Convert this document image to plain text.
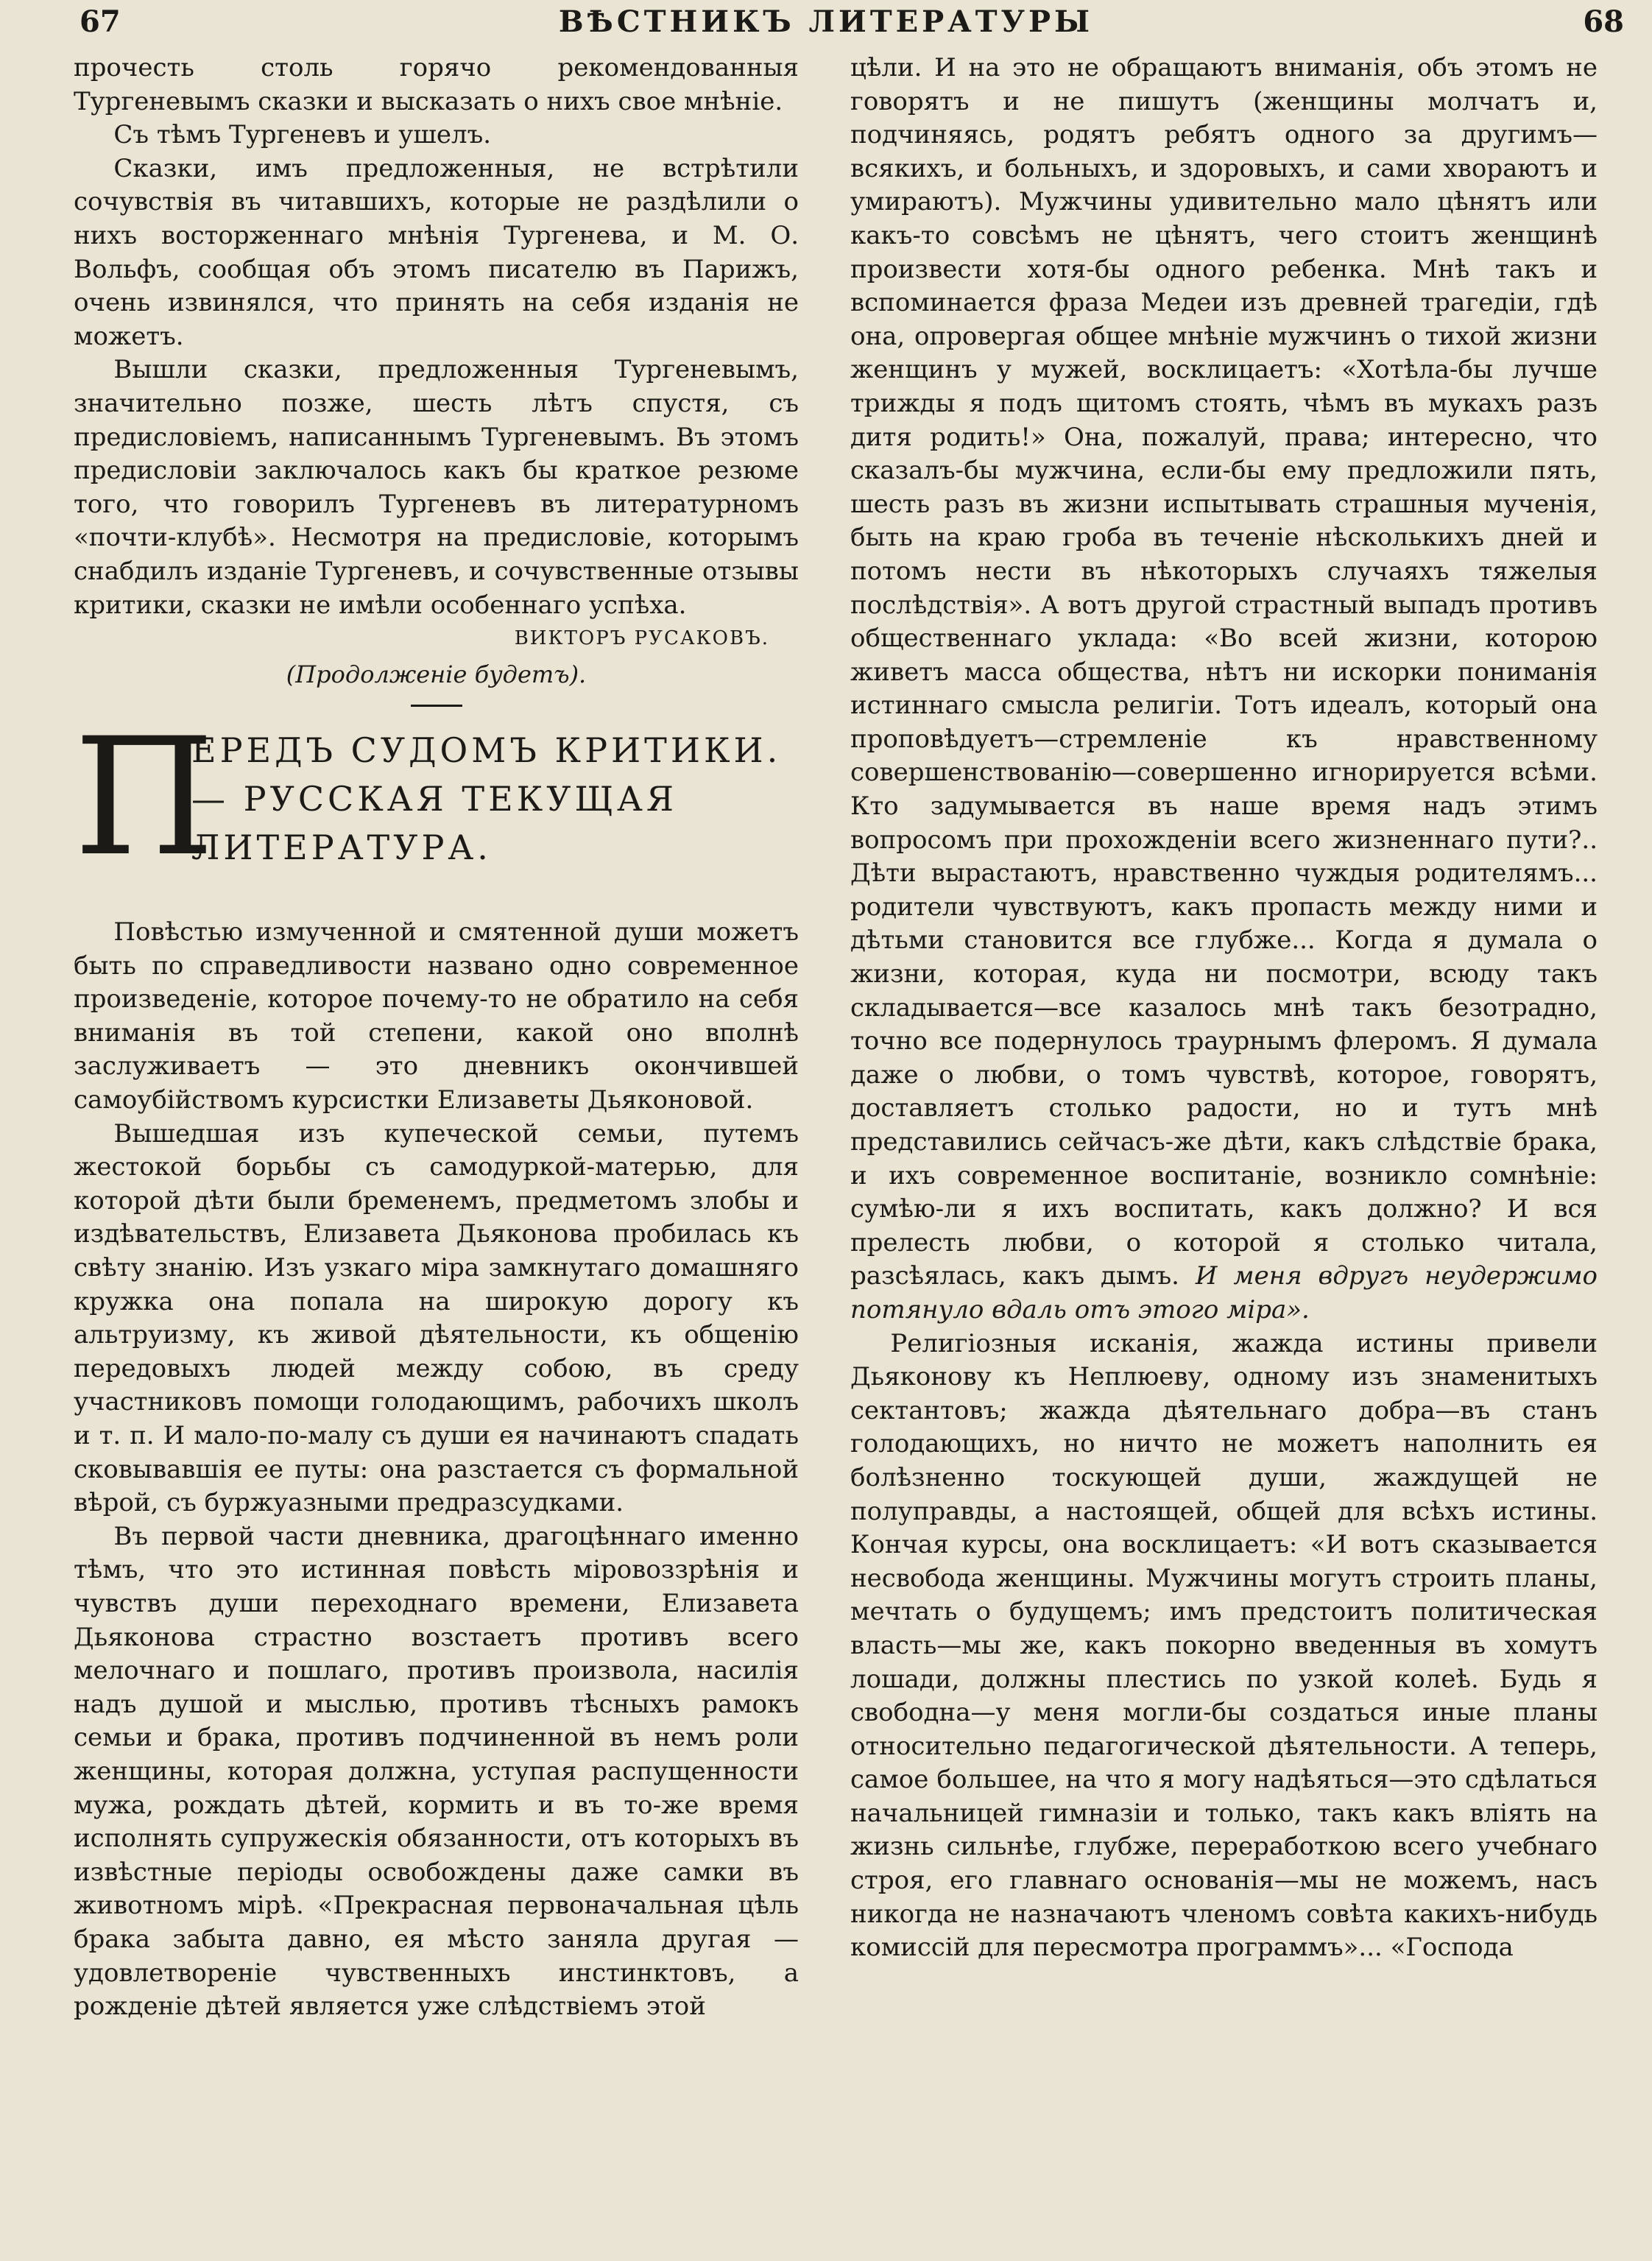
67	ВѢСТНИКЪ ЛИТЕРАТУРЫ	68

прочесть столь горячо рекомендованныя Тургеневымъ сказки и высказать о нихъ свое мнѣніе.

Съ тѣмъ Тургеневъ и ушелъ.

Сказки, имъ предложенныя, не встрѣтили сочувствія въ читавшихъ, которые не раздѣлили о нихъ восторженнаго мнѣнія Тургенева, и М. О. Вольфъ, сообщая объ этомъ писателю въ Парижъ, очень извинялся, что принять на себя изданія не можетъ.

Вышли сказки, предложенныя Тургеневымъ, значительно позже, шесть лѣтъ спустя, съ предисловіемъ, написаннымъ Тургеневымъ. Въ этомъ предисловіи заключалось какъ бы краткое резюме того, что говорилъ Тургеневъ въ литературномъ «почти-клубѣ». Несмотря на предисловіе, которымъ снабдилъ изданіе Тургеневъ, и сочувственные отзывы критики, сказки не имѣли особеннаго успѣха.

ВИКТОРЪ РУСАКОВЪ.
(Продолженіе будетъ).
П
ЕРЕДЪ СУДОМЪ КРИТИКИ. — РУССКАЯ ТЕКУЩАЯ ЛИТЕРАТУРА.

Повѣстью измученной и смятенной души можетъ быть по справедливости названо одно современное произведеніе, которое почему-то не обратило на себя вниманія въ той степени, какой оно вполнѣ заслуживаетъ — это дневникъ окончившей самоубійствомъ курсистки Елизаветы Дьяконовой.

Вышедшая изъ купеческой семьи, путемъ жестокой борьбы съ самодуркой-матерью, для которой дѣти были бременемъ, предметомъ злобы и издѣвательствъ, Елизавета Дьяконова пробилась къ свѣту знанію. Изъ узкаго міра замкнутаго домашняго кружка она попала на широкую дорогу къ альтруизму, къ живой дѣятельности, къ общенію передовыхъ людей между собою, въ среду участниковъ помощи голодающимъ, рабочихъ школъ и т. п. И мало-по-малу съ души ея начинаютъ спадать сковывавшія ее путы: она разстается съ формальной вѣрой, съ буржуазными предразсудками.

Въ первой части дневника, драгоцѣннаго именно тѣмъ, что это истинная повѣсть міровоззрѣнія и чувствъ души переходнаго времени, Елизавета Дьяконова страстно возстаетъ противъ всего мелочнаго и пошлаго, противъ произвола, насилія надъ душой и мыслью, противъ тѣсныхъ рамокъ семьи и брака, противъ подчиненной въ немъ роли женщины, которая должна, уступая распущенности мужа, рождать дѣтей, кормить и въ то-же время исполнять супружескія обязанности, отъ которыхъ въ извѣстные періоды освобождены даже самки въ животномъ мірѣ. «Прекрасная первоначальная цѣль брака забыта давно, ея мѣсто заняла другая — удовлетвореніе чувственныхъ инстинктовъ, а рожденіе дѣтей является уже слѣдствіемъ этой

цѣли. И на это не обращаютъ вниманія, объ этомъ не говорятъ и не пишутъ (женщины молчатъ и, подчиняясь, родятъ ребятъ одного за другимъ—всякихъ, и больныхъ, и здоровыхъ, и сами хвораютъ и умираютъ). Мужчины удивительно мало цѣнятъ или какъ-то совсѣмъ не цѣнятъ, чего стоитъ женщинѣ произвести хотя-бы одного ребенка. Мнѣ такъ и вспоминается фраза Медеи изъ древней трагедіи, гдѣ она, опровергая общее мнѣніе мужчинъ о тихой жизни женщинъ у мужей, восклицаетъ: «Хотѣла-бы лучше трижды я подъ щитомъ стоять, чѣмъ въ мукахъ разъ дитя родить!» Она, пожалуй, права; интересно, что сказалъ-бы мужчина, если-бы ему предложили пять, шесть разъ въ жизни испытывать страшныя мученія, быть на краю гроба въ теченіе нѣсколькихъ дней и потомъ нести въ нѣкоторыхъ случаяхъ тяжелыя послѣдствія». А вотъ другой страстный выпадъ противъ общественнаго уклада: «Во всей жизни, которою живетъ масса общества, нѣтъ ни искорки пониманія истиннаго смысла религіи. Тотъ идеалъ, который она проповѣдуетъ—стремленіе къ нравственному совершенствованію—совершенно игнорируется всѣми. Кто задумывается въ наше время надъ этимъ вопросомъ при прохожденіи всего жизненнаго пути?.. Дѣти вырастаютъ, нравственно чуждыя родителямъ... родители чувствуютъ, какъ пропасть между ними и дѣтьми становится все глубже... Когда я думала о жизни, которая, куда ни посмотри, всюду такъ складывается—все казалось мнѣ такъ безотрадно, точно все подернулось траурнымъ флеромъ. Я думала даже о любви, о томъ чувствѣ, которое, говорятъ, доставляетъ столько радости, но и тутъ мнѣ представились сейчасъ-же дѣти, какъ слѣдствіе брака, и ихъ современное воспитаніе, возникло сомнѣніе: сумѣю-ли я ихъ воспитать, какъ должно? И вся прелесть любви, о которой я столько читала, разсѣялась, какъ дымъ. И меня вдругъ неудержимо потянуло вдаль отъ этого міра».

Религіозныя исканія, жажда истины привели Дьяконову къ Неплюеву, одному изъ знаменитыхъ сектантовъ; жажда дѣятельнаго добра—въ станъ голодающихъ, но ничто не можетъ наполнить ея болѣзненно тоскующей души, жаждущей не полуправды, а настоящей, общей для всѣхъ истины. Кончая курсы, она восклицаетъ: «И вотъ сказывается несвобода женщины. Мужчины могутъ строить планы, мечтать о будущемъ; имъ предстоитъ политическая власть—мы же, какъ покорно введенныя въ хомутъ лошади, должны плестись по узкой колеѣ. Будь я свободна—у меня могли-бы создаться иные планы относительно педагогической дѣятельности. А теперь, самое большее, на что я могу надѣяться—это сдѣлаться начальницей гимназіи и только, такъ какъ вліять на жизнь сильнѣе, глубже, переработкою всего учебнаго строя, его главнаго основанія—мы не можемъ, насъ никогда не назначаютъ членомъ совѣта какихъ-нибудь комиссій для пересмотра программъ»... «Господа
